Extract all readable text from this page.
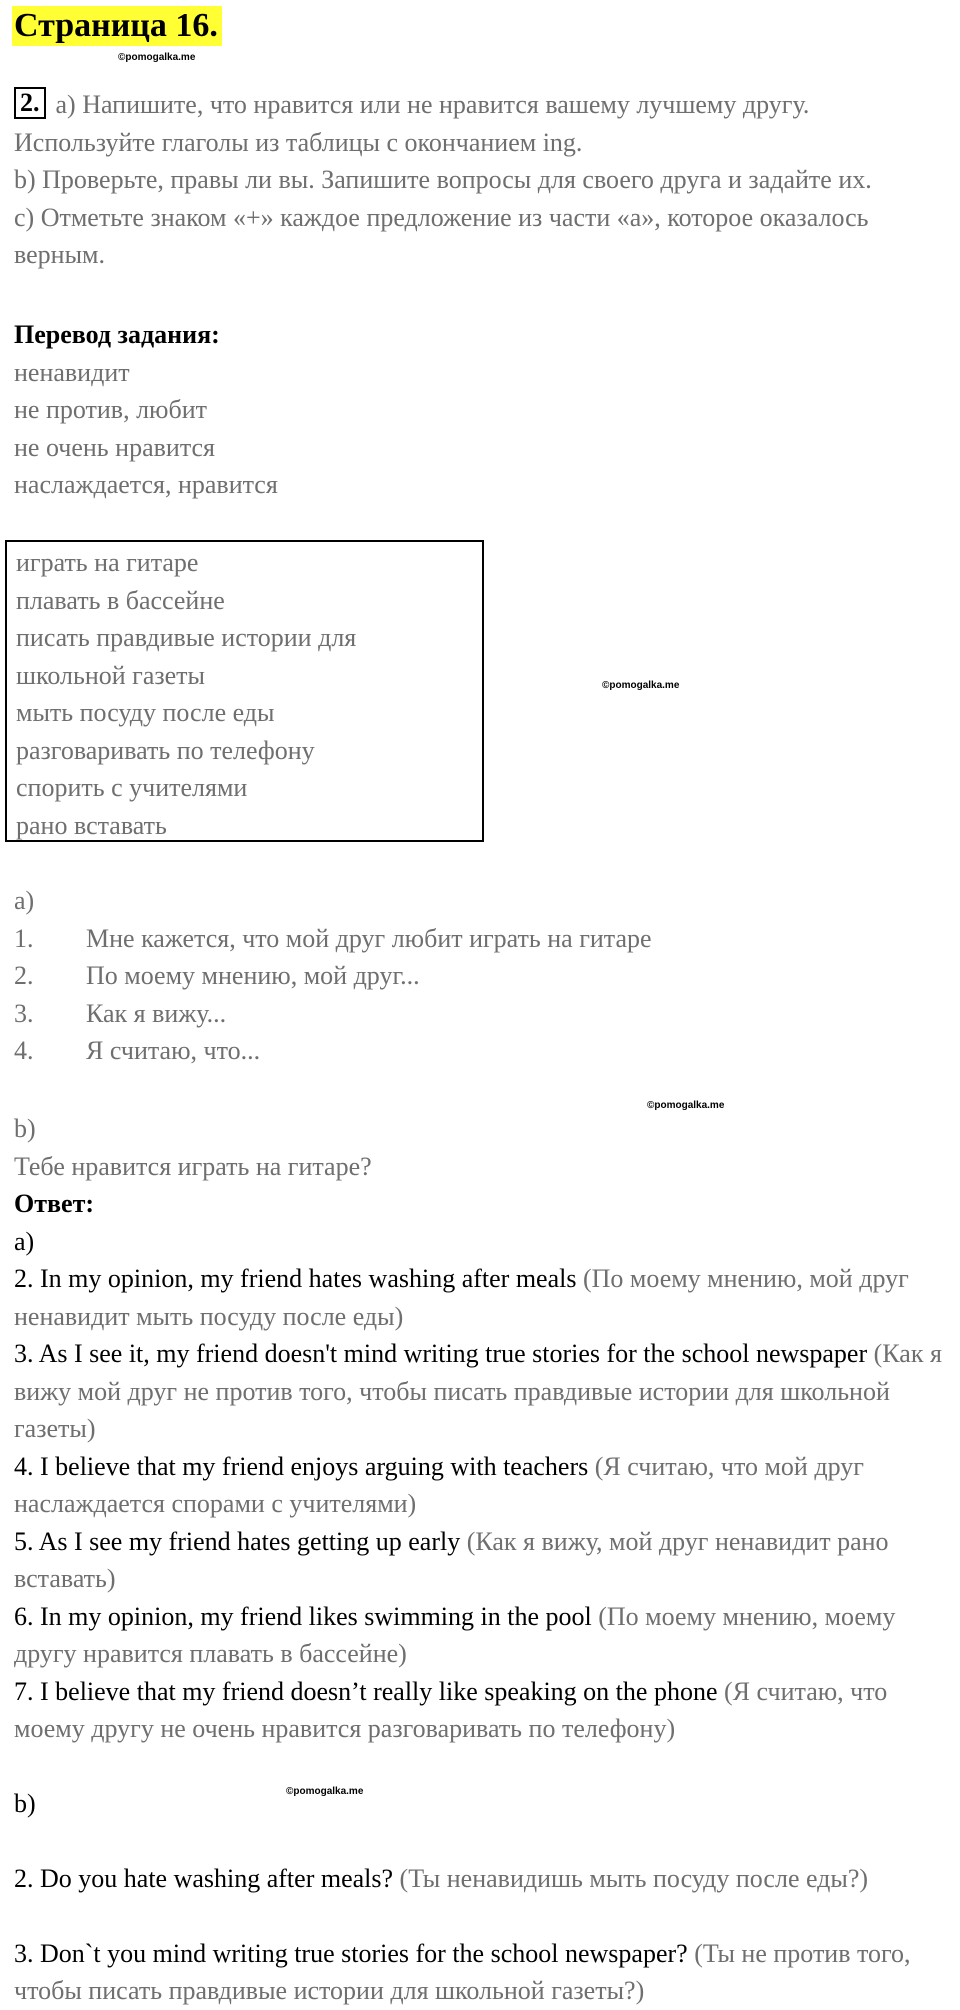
Страница 16.
©pomogalka.me

2. a) Напишите, что нравится или не нравится вашему лучшему другу.

Используйте глаголы из таблицы с окончанием ing.

b) Проверьте, правы ли вы. Запишите вопросы для своего друга и задайте их.

c) Отметьте знаком «+» каждое предложение из части «a», которое оказалось

верным.

Перевод задания:

ненавидит

не против, любит

не очень нравится

наслаждается, нравится

играть на гитаре

плавать в бассейне

писать правдивые истории для

школьной газеты

мыть посуду после еды

разговаривать по телефону

спорить с учителями

рано вставать

©pomogalka.me

a)

1.	Мне кажется, что мой друг любит играть на гитаре
2.	По моему мнению, мой друг...
3.	Как я вижу...
4.	Я считаю, что...
©pomogalka.me

b)

Тебе нравится играть на гитаре?

Ответ:

a)

2. In my opinion, my friend hates washing after meals (По моему мнению, мой друг ненавидит мыть посуду после еды)

3. As I see it, my friend doesn't mind writing true stories for the school newspaper (Как я вижу мой друг не против того, чтобы писать правдивые истории для школьной газеты)

4. I believe that my friend enjoys arguing with teachers (Я считаю, что мой друг наслаждается спорами с учителями)

5. As I see my friend hates getting up early (Как я вижу, мой друг ненавидит рано вставать)

6. In my opinion, my friend likes swimming in the pool (По моему мнению, моему другу нравится плавать в бассейне)

7. I believe that my friend doesn’t really like speaking on the phone (Я считаю, что моему другу не очень нравится разговаривать по телефону)

©pomogalka.me
b)

2. Do you hate washing after meals? (Ты ненавидишь мыть посуду после еды?)

3. Don`t you mind writing true stories for the school newspaper? (Ты не против того, чтобы писать правдивые истории для школьной газеты?)
